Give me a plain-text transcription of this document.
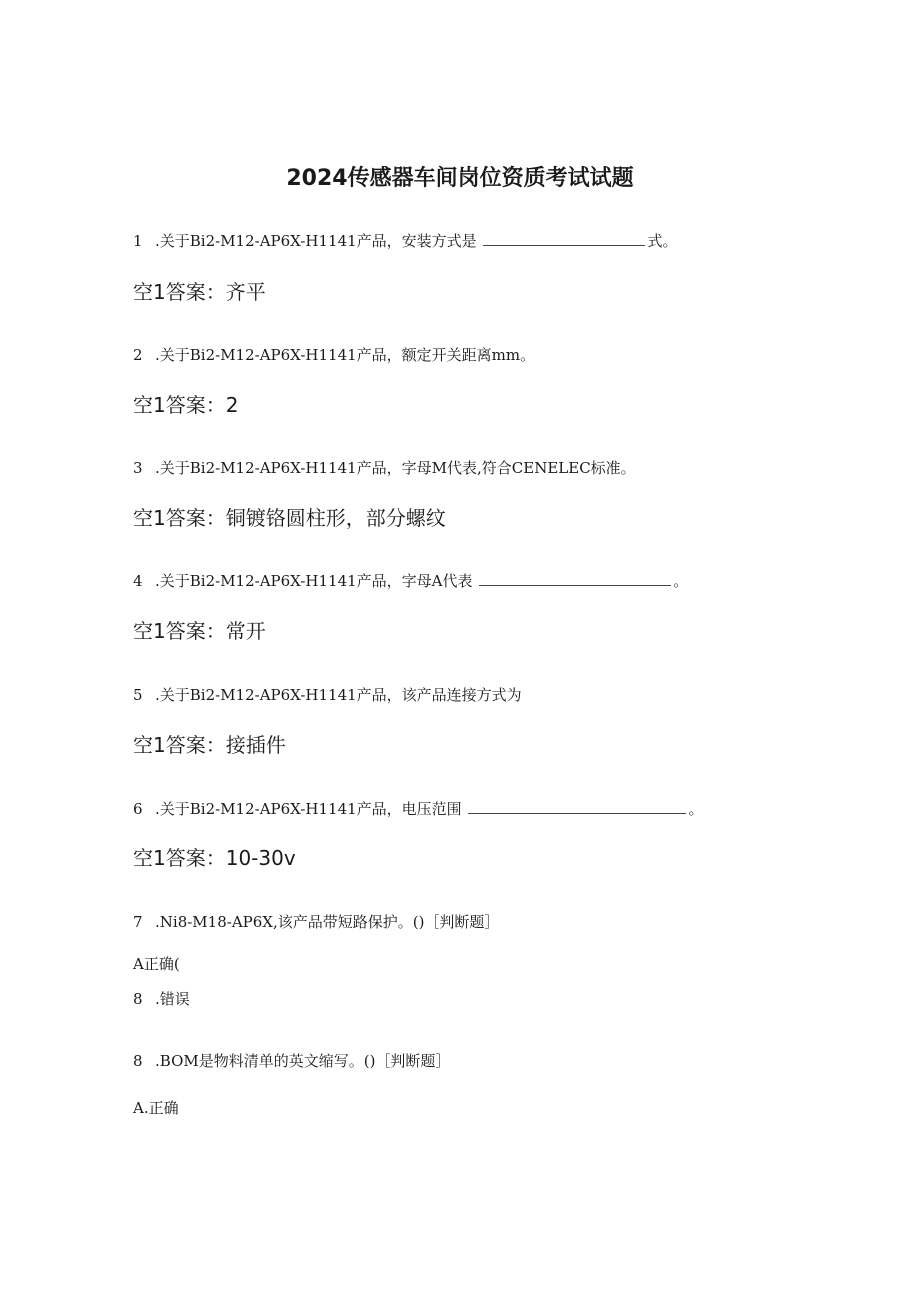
2024传感器车间岗位资质考试试题
1 .关于Bi2-M12-AP6X-H1141产品，安装方式是	式。
空1答案：齐平
2 .关于Bi2-M12-AP6X-H1141产品，额定开关距离mm。
空1答案：2
3 .关于Bi2-M12-AP6X-H1141产品，字母M代表,符合CENELEC标准。
空1答案：铜镀铬圆柱形，部分螺纹
4 .关于Bi2-M12-AP6X-H1141产品，字母A代表	。
空1答案：常开
5 .关于Bi2-M12-AP6X-H1141产品，该产品连接方式为
空1答案：接插件
6 .关于Bi2-M12-AP6X-H1141产品，电压范围	。
空1答案：10-30v
7 .Ni8-M18-AP6X,该产品带短路保护。()［判断题］
A正确(
8 .错误
8 .BOM是物料清单的英文缩写。()［判断题］
A.正确
